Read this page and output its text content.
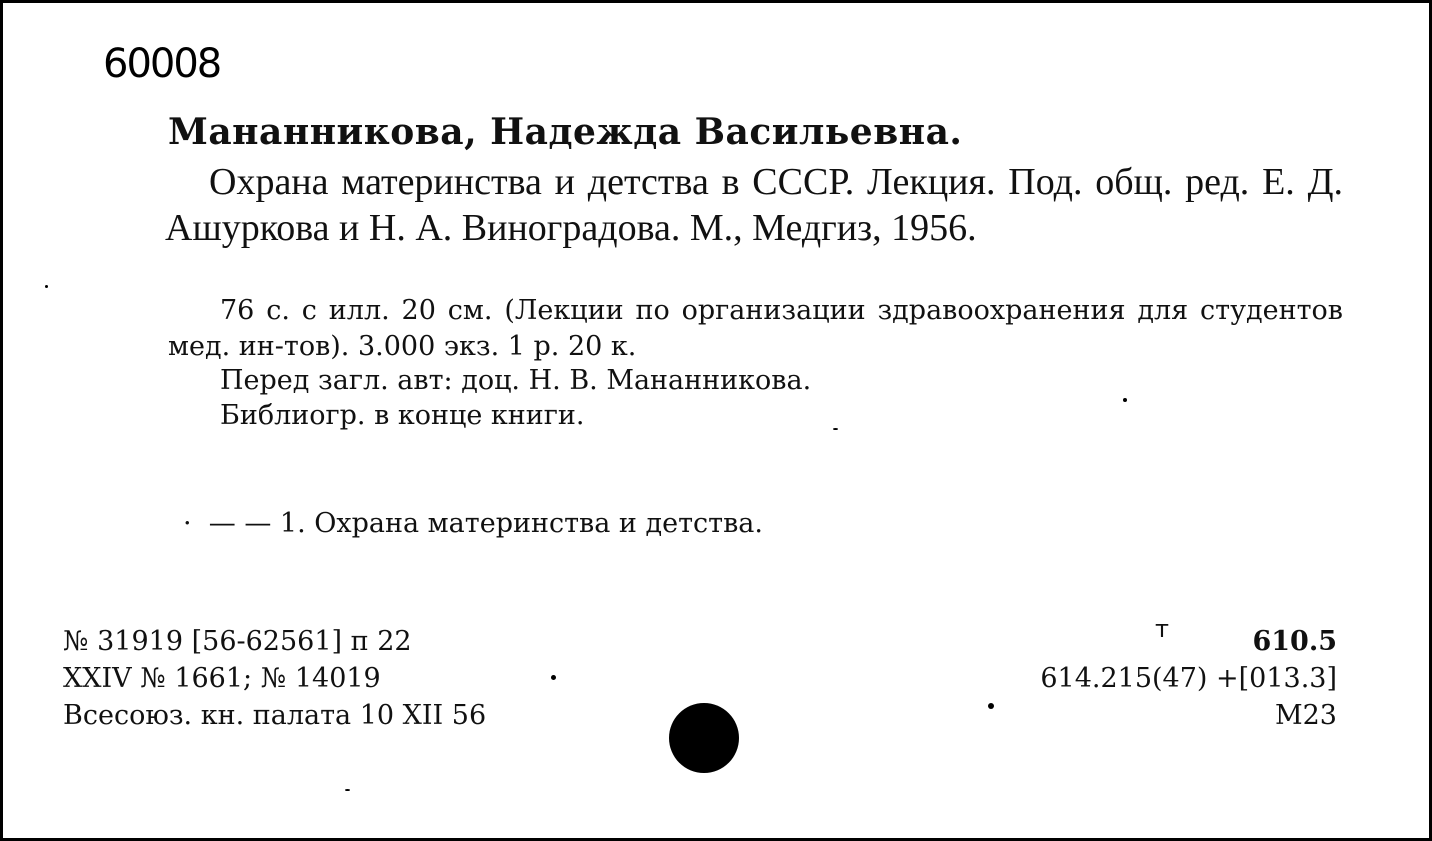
60008
Мананникова, Надежда Васильевна.

Охрана материнства и детства в СССР. Лекция. Под. общ. ред. Е. Д. Ашуркова и Н. А. Виноградова. М., Медгиз, 1956.

76 с. с илл. 20 см. (Лекции по организации здравоохранения для студентов мед. ин-тов). 3.000 экз. 1 р. 20 к.

Перед загл. авт: доц. Н. В. Мананникова.
Библиогр. в конце книги.
·  — — 1. Охрана материнства и детства.
№ 31919 [56-62561] п 22
XXIV № 1661; № 14019
Всесоюз. кн. палата 10 XII 56
т	610.5
614.215(47) +[013.3]
М23
